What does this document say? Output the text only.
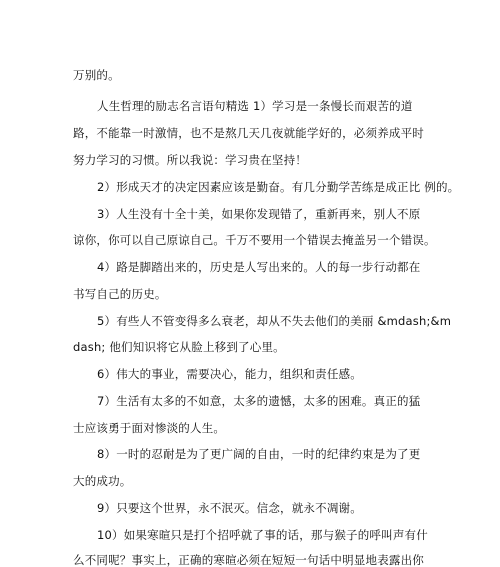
万别的。
人生哲理的励志名言语句精选 1）学习是一条慢长而艰苦的道
路，不能靠一时激情，也不是熬几天几夜就能学好的，必须养成平时
努力学习的习惯。所以我说：学习贵在坚持！
2）形成天才的决定因素应该是勤奋。有几分勤学苦练是成正比 例的。
3）人生没有十全十美，如果你发现错了，重新再来，别人不原
谅你，你可以自己原谅自己。千万不要用一个错误去掩盖另一个错误。
4）路是脚踏出来的，历史是人写出来的。人的每一步行动都在
书写自己的历史。
5）有些人不管变得多么衰老，却从不失去他们的美丽 &mdash;&m
dash; 他们知识将它从脸上移到了心里。
6）伟大的事业，需要决心，能力，组织和责任感。
7）生活有太多的不如意，太多的遗憾，太多的困难。真正的猛
士应该勇于面对惨淡的人生。
8）一时的忍耐是为了更广阔的自由，一时的纪律约束是为了更
大的成功。
9）只要这个世界，永不泯灭。信念，就永不凋谢。
10）如果寒暄只是打个招呼就了事的话，那与猴子的呼叫声有什
么不同呢？事实上，正确的寒暄必须在短短一句话中明显地表露出你
